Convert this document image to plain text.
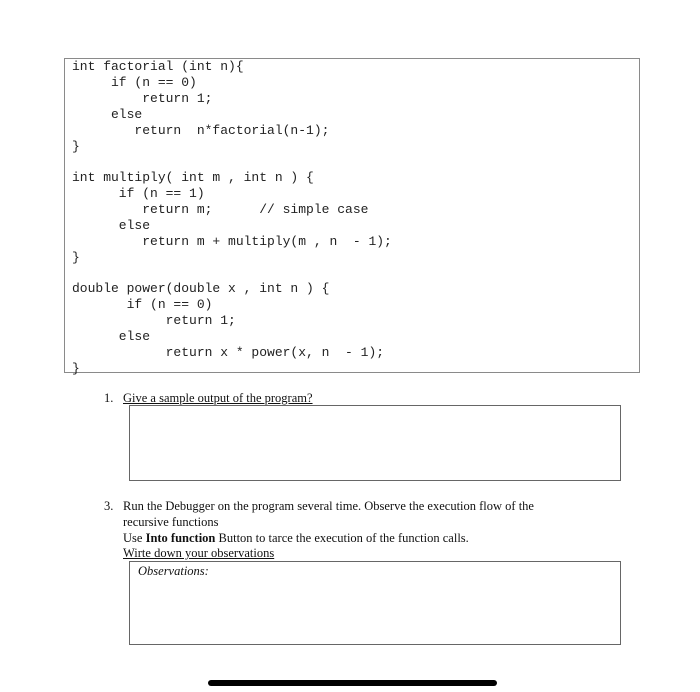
int factorial (int n){
if (n == 0)
return 1;
else
return  n*factorial(n-1);
}
int multiply( int m , int n ) {
if (n == 1)
return m;      // simple case
else
return m + multiply(m , n  - 1);
}
double power(double x , int n ) {
if (n == 0)
return 1;
else
return x * power(x, n  - 1);
}
1. Give a sample output of the program?
3. Run the Debugger on the program several time. Observe the execution flow of the
recursive functions
Use Into function Button to tarce the execution of the function calls.
Wirte down your observations
Observations:
